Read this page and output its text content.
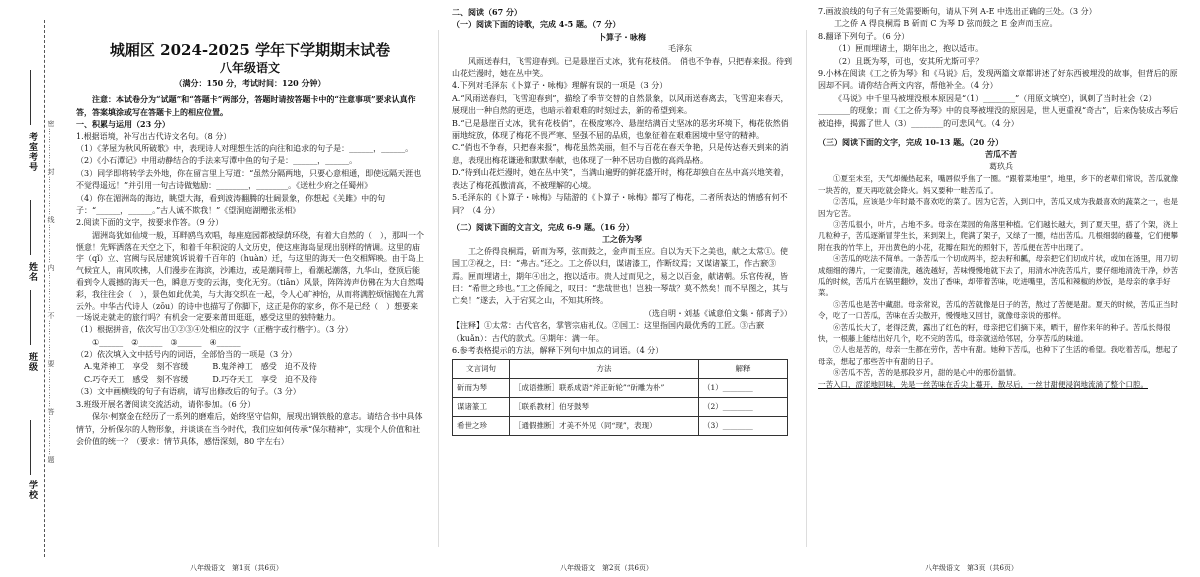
考室考号
姓名
班级
学校
密……………封……………线……………内……………不……………要……………答……………题

城厢区 2024-2025 学年下学期期末试卷

八年级语文

（满分：150 分，考试时间：120 分钟）

注意：本试卷分为“试题”和“答题卡”两部分，答题时请按答题卡中的“注意事项”要求认真作答，答案填涂或写在答题卡上的相应位置。

一、积累与运用（23 分）

1.根据语境，补写出古代诗文名句。（8 分）

（1）《茅屋为秋风所破歌》中，表现诗人对理想生活的向往和追求的句子是：______，______。

（2）《小石潭记》中用动静结合的手法来写潭中鱼的句子是：______，______。

（3）同学即将转学去外地，你在留言里上写道：“虽然分隔两地，只要心意相通，即使远隔天涯也不觉得遥远！”并引用一句古诗做勉励：________，________。《送杜少府之任蜀州》

（4）你在湄洲岛的海边，眺望大海，看到波涛翻腾的壮阔景象，你想起《关雎》中的句子：“______，______。”古人诚不欺我！”《望洞庭湖赠张丞相》

2.阅读下面的文字，按要求作答。（9 分）

湄洲岛犹如仙境一般，耳畔鸥鸟欢唱，每座庭园都被绿荫环绕，有着大自然的（　），那叫一个惬意！先辉洒落在天空之下，和着千年积淀的人文历史，使这座海岛显现出别样的情调。这里的庙宇（qǐ）立、宫阙与民居建筑诉说着千百年的（huàn）迁，与这里的海天一色交相辉映。由于岛上气候宜人，南风吹拂，人们漫步在海滨，沙滩边，或是潮间带上，看潮起潮落，九华山，登顶后能看到令人震撼的海天一色，瞬息万变的云海，变化无穷。（tiān）风景，阵阵涛声仿佛在为大自然喝彩，我往往会（　），景色如此优美，与大海交织在一起，令人心旷神怡，从而将满腔烦恼抛在九霄云外。中华古代诗人（zōu）的诗中也描写了你脚下，这正是你的家乡，你不是已经（　）想要来一场说走就走的旅行吗？有机会一定要来莆田逛逛，感受这里的独特魅力。

（1）根据拼音，依次写出①②③④处相应的汉字（正楷字或行楷字）。（3 分）

①______　②______　③______　④______

（2）依次填入文中括号内的词语，全部恰当的一项是（3 分）

A.鬼斧神工　享受　刻不容缓	B.鬼斧神工　感受　迫不及待

C.巧夺天工　感受　刻不容缓	D.巧夺天工　享受　迫不及待

（3）文中画横线的句子有语病，请写出修改后的句子。（3 分）

3.班级开展名著阅读交流活动，请你参加。（6 分）

保尔·柯察金在经历了一系列的磨难后，始终坚守信仰，展现出钢铁般的意志。请结合书中具体情节，分析保尔的人物形象，并谈谈在当今时代，我们应如何传承“保尔精神”，实现个人价值和社会价值的统一？（要求：情节具体，感悟深刻，80 字左右）

八年级语文　第1页（共6页）

二、阅读（67 分）

（一）阅读下面的诗歌，完成 4-5 题。（7 分）

卜算子・咏梅

毛泽东

风雨送春归，飞雪迎春到。已是悬崖百丈冰，犹有花枝俏。　俏也不争春，只把春来报。待到山花烂漫时，她在丛中笑。

4.下列对毛泽东《卜算子・咏梅》理解有误的一项是（3 分）

A.“风雨送春归，飞雪迎春到”，描绘了季节交替的自然景象，以风雨送春离去，飞雪迎来春天，展现出一种自然的更迭，也暗示着艰难的时刻过去，新的希望到来。

B.“已是悬崖百丈冰，犹有花枝俏”，在极度寒冷、悬崖结满百丈坚冰的恶劣环境下，梅花依然俏丽地绽放，体现了梅花不畏严寒、坚强不屈的品质，也象征着在艰难困境中坚守的精神。

C.“俏也不争春，只把春来报”，梅花虽然美丽，但不与百花在春天争艳，只是传达春天到来的消息，表现出梅花谦逊和默默奉献，也体现了一种不居功自傲的高尚品格。

D.“待到山花烂漫时，她在丛中笑”，当满山遍野的鲜花盛开时，梅花却独自在丛中高兴地笑着，表达了梅花孤傲清高，不被理解的心境。

5.毛泽东的《卜算子・咏梅》与陆游的《卜算子・咏梅》都写了梅花，二者所表达的情感有何不同？（4 分）

（二）阅读下面的文言文，完成 6-9 题。（16 分）

工之侨为琴

工之侨得良桐焉，斫而为琴，弦而鼓之，金声而玉应。自以为天下之美也，献之太常①。使国工②视之，曰：“弗古。”还之。工之侨以归，谋诸漆工，作断纹焉；又谋诸篆工，作古窾③焉。匣而埋诸土，期年④出之，抱以适市。贵人过而见之，易之以百金，献诸朝。乐官传视，皆曰：“希世之珍也。”工之侨闻之，叹曰：“悲哉世也！岂独一琴哉？莫不然矣！而不早图之，其与亡矣！”遂去，入于宕冥之山，不知其所终。

（选自明・刘基《诚意伯文集・郁离子》）

【注释】①太常：古代官名，掌管宗庙礼仪。②国工：这里指国内最优秀的工匠。③古窾（kuǎn）：古代的款式。④期年：满一年。

6.参考表格提示的方法，解释下列句中加点的词语。（4 分）

文言词句	方法	解释
斫而为琴	［成语推断］联系成语“斧正斫轮”“斫雕为朴”	（1）________
谋诸篆工	［联系教材］伯牙鼓琴	（2）________
希世之珍	［通假推断］才美不外见（同“现”，表现）	（3）________
八年级语文　第2页（共6页）

7.画波浪线的句子有三处需要断句，请从下列 A-E 中选出正确的三处。（3 分）

工之侨 A 得良桐焉 B 斫而 C 为琴 D 弦而鼓之 E 金声而玉应。

8.翻译下列句子。（6 分）

（1）匣而埋诸土，期年出之，抱以适市。

（2）且既为琴，可也，安其所尤斯可乎？

9.小林在阅读《工之侨为琴》和《马说》后，发现两篇文章都讲述了好东西被埋没的故事，但背后的原因却不同。请你结合两文内容，帮他补全。（4 分）

《马说》中千里马被埋没根本原因是“（1）________”（用原文填空），讽刺了当时社会（2）________的现象；而《工之侨为琴》中的良琴被埋没的原因是，世人更重视“奇古”，后来伪装成古琴后被追捧，揭露了世人（3）________的可悲风气。（4 分）

（三）阅读下面的文字，完成 10-13 题。（20 分）

苦瓜不苦

葛玖兵

①夏至未至，天气却燥热起来，嘴唇似乎焦了一圈。“跟着菜地里”，地里，乡下的老辈们常说，苦瓜就像一块苦的，夏天再吃就会降火。妈又要种一畦苦瓜了。

②苦瓜，应该是少年时最不喜欢吃的菜了。因为它苦，入到口中，苦瓜又成为我最喜欢的蔬菜之一，也是因为它苦。

③苦瓜很小，叶片，占地不多。母亲在菜园的角落里种植。它们越长越大，到了夏天里，搭了个架，浇上几粒种子，苦瓜逐渐冒芽生长，来到架上，爬满了架子，又绿了一圈，结出苦瓜。几根细弱的藤蔓，它们便攀附在我的竹竿上，开出黄色的小花，花瓣在阳光的照射下，苦瓜便在苦中出现了。

④苦瓜的吃法不简单。一条苦瓜一个切成两半，挖去籽和瓤，母亲把它们切成片状，或加在汤里，用刀切成细细的薄片，一定要清洗，越洗越好，苦味慢慢地就下去了，用清水冲洗苦瓜片，要仔细地清洗干净，炒苦瓜的时候，苦瓜片在锅里翻炒，发出了香味，却带着苦味，吃进嘴里，苦瓜和辣椒的炒饭，是母亲的拿手好菜。

⑤苦瓜也是苦中藏甜。母亲常说，苦瓜的苦就像是日子的苦，熬过了苦便是甜。夏天的时候，苦瓜正当时令，吃了一口苦瓜，苦味在舌尖散开，慢慢地又回甘，就像母亲说的那样。

⑥苦瓜长大了，老得泛黄，露出了红色的籽，母亲把它们摘下来，晒干，留作来年的种子。苦瓜长得很快，一根藤上能结出好几个，吃不完的苦瓜，母亲就送给邻居，分享苦瓜的味道。

⑦人也是苦的，母亲一生都在劳作，苦中有甜。她种下苦瓜，也种下了生活的希望。我吃着苦瓜，想起了母亲，想起了那些苦中有甜的日子。

⑧苦瓜不苦，苦的是那段岁月，甜的是心中的那份温情。

一苦入口，涩涩地回味，先是一丝苦味在舌尖上蔓开，散尽后，一丝甘甜便浸润地流淌了整个口腔。

八年级语文　第3页（共6页）
